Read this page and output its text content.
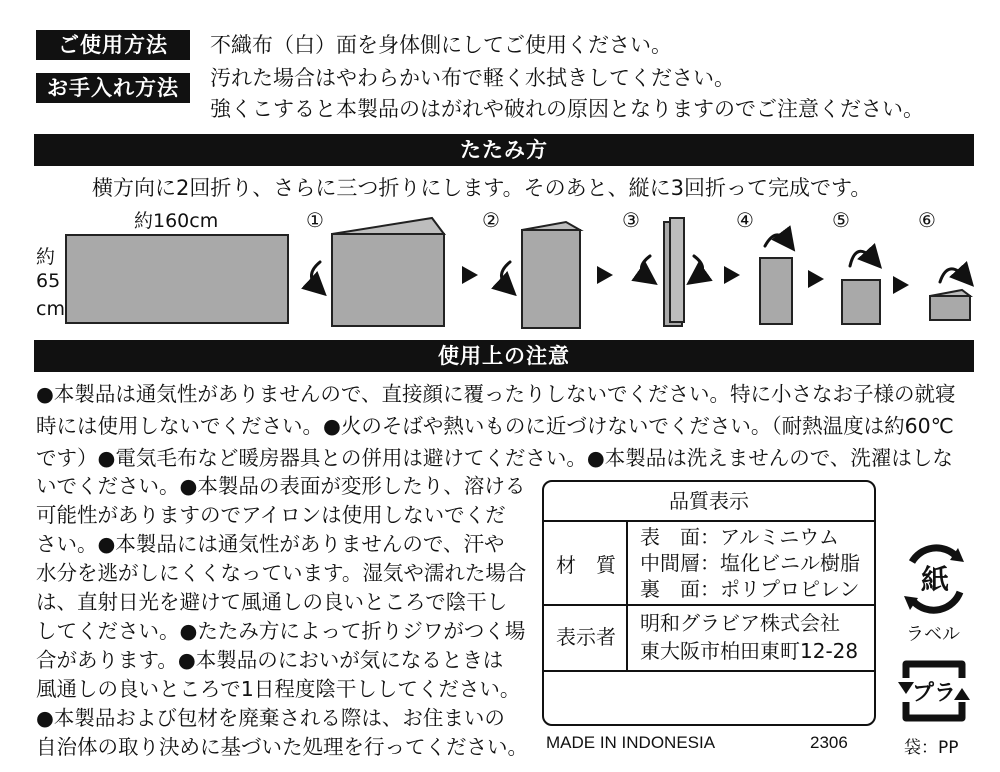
ご使用方法	不織布（白）面を身体側にしてご使用ください。
お手入れ方法	汚れた場合はやわらかい布で軽く水拭きしてください。
強くこすると本製品のはがれや破れの原因となりますのでご注意ください。
たたみ方
横方向に2回折り、さらに三つ折りにします。そのあと、縦に3回折って完成です。
約160cm
約
65
cm
①	②	③	④	⑤	⑥
使用上の注意
●本製品は通気性がありませんので、直接顔に覆ったりしないでください。特に小さなお子様の就寝
時には使用しないでください。●火のそばや熱いものに近づけないでください。（耐熱温度は約60℃
です）●電気毛布など暖房器具との併用は避けてください。●本製品は洗えませんので、洗濯はしな
いでください。●本製品の表面が変形したり、溶ける
可能性がありますのでアイロンは使用しないでくだ
さい。●本製品には通気性がありませんので、汗や
水分を逃がしにくくなっています。湿気や濡れた場合
は、直射日光を避けて風通しの良いところで陰干し
してください。●たたみ方によって折りジワがつく場
合があります。●本製品のにおいが気になるときは
風通しの良いところで1日程度陰干ししてください。
●本製品および包材を廃棄される際は、お住まいの
自治体の取り決めに基づいた処理を行ってください。
品質表示
材　質
表　面：アルミニウム
中間層：塩化ビニル樹脂
裏　面：ポリプロピレン
表示者
明和グラビア株式会社
東大阪市柏田東町12-28
MADE IN INDONESIA	2306
紙
ラベル
プラ
袋：PP
